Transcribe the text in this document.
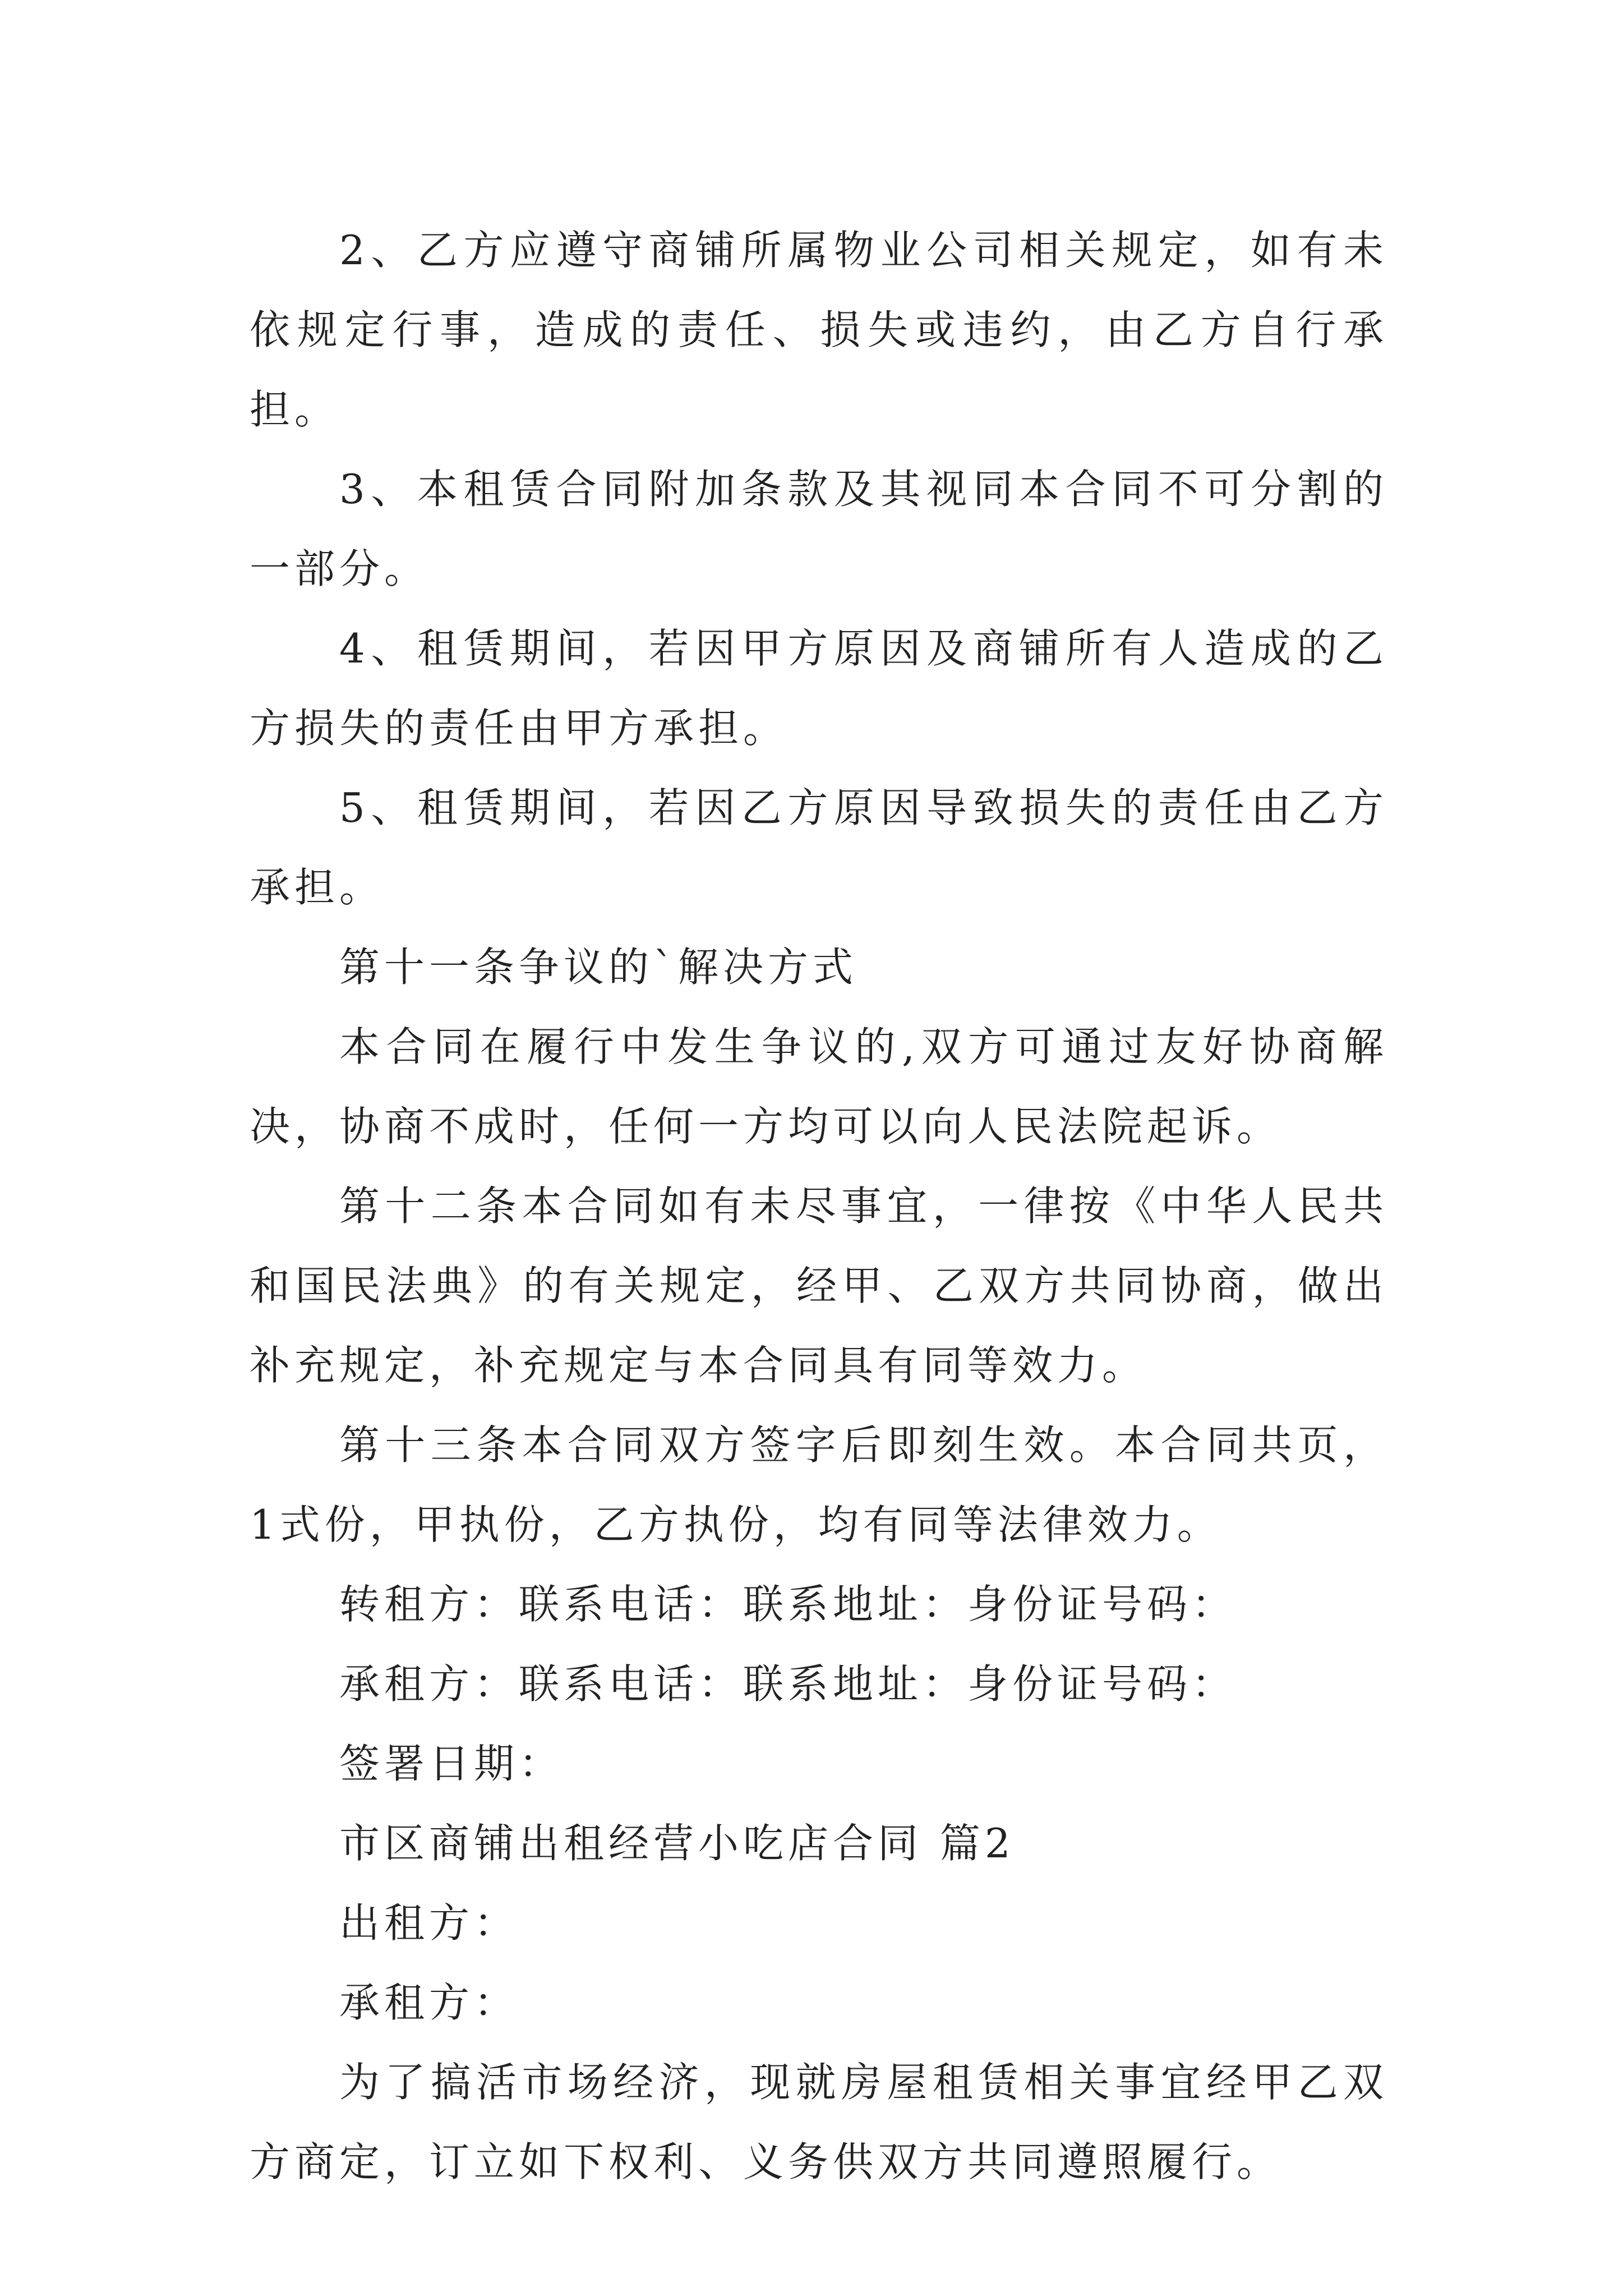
2、乙方应遵守商铺所属物业公司相关规定，如有未依规定行事，造成的责任、损失或违约，由乙方自行承担。

3、本租赁合同附加条款及其视同本合同不可分割的一部分。

4、租赁期间，若因甲方原因及商铺所有人造成的乙方损失的责任由甲方承担。

5、租赁期间，若因乙方原因导致损失的责任由乙方承担。

第十一条争议的`解决方式

本合同在履行中发生争议的,双方可通过友好协商解决，协商不成时，任何一方均可以向人民法院起诉。

第十二条本合同如有未尽事宜，一律按《中华人民共和国民法典》的有关规定，经甲、乙双方共同协商，做出补充规定，补充规定与本合同具有同等效力。

第十三条本合同双方签字后即刻生效。本合同共页，1式份，甲执份，乙方执份，均有同等法律效力。

转租方：联系电话：联系地址：身份证号码：

承租方：联系电话：联系地址：身份证号码：

签署日期：

市区商铺出租经营小吃店合同 篇2

出租方：

承租方：

为了搞活市场经济，现就房屋租赁相关事宜经甲乙双方商定，订立如下权利、义务供双方共同遵照履行。
